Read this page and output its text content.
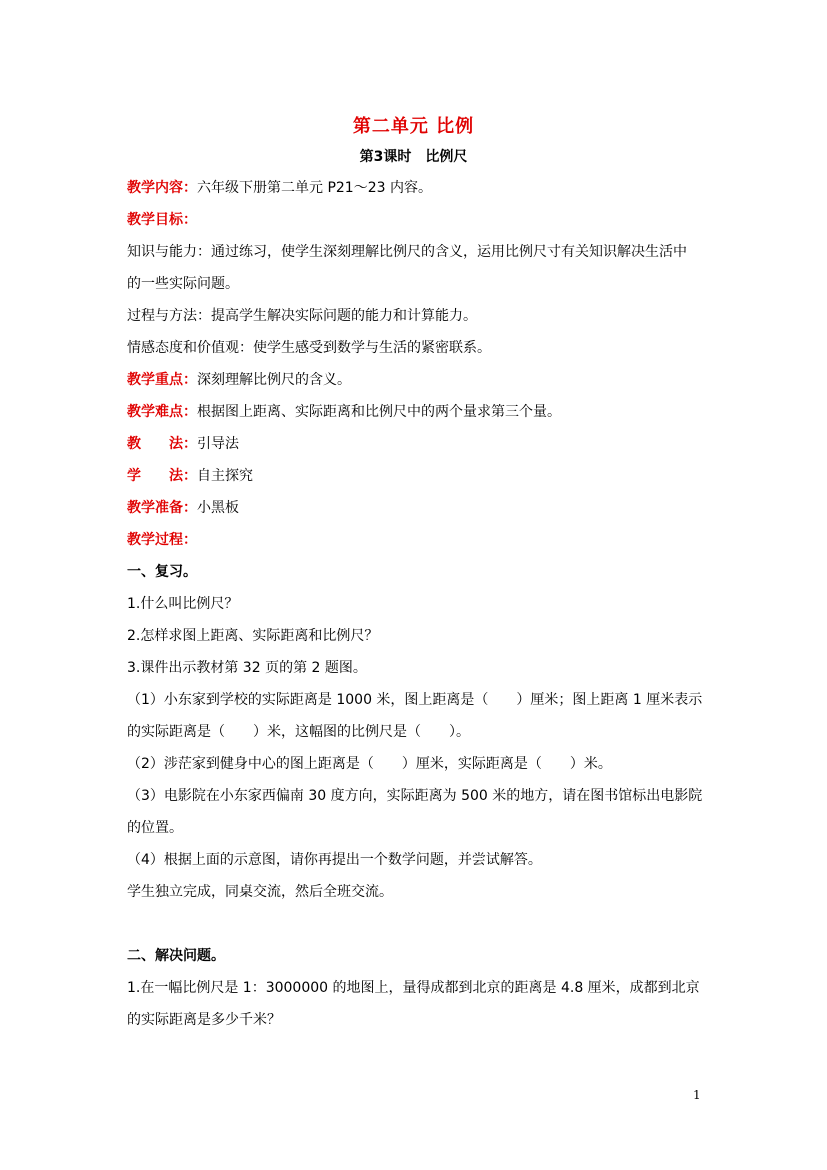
第二单元 比例
第3课时　比例尺
教学内容：六年级下册第二单元 P21～23 内容。
教学目标：
知识与能力：通过练习，使学生深刻理解比例尺的含义，运用比例尺寸有关知识解决生活中
的一些实际问题。
过程与方法：提高学生解决实际问题的能力和计算能力。
情感态度和价值观：使学生感受到数学与生活的紧密联系。
教学重点：深刻理解比例尺的含义。
教学难点：根据图上距离、实际距离和比例尺中的两个量求第三个量。
教　　法：引导法
学　　法：自主探究
教学准备：小黑板
教学过程：
一、复习。
1.什么叫比例尺？
2.怎样求图上距离、实际距离和比例尺？
3.课件出示教材第 32 页的第 2 题图。
（1）小东家到学校的实际距离是 1000 米，图上距离是（　　）厘米；图上距离 1 厘米表示
的实际距离是（　　）米，这幅图的比例尺是（　　）。
（2）涉茫家到健身中心的图上距离是（　　）厘米，实际距离是（　　）米。
（3）电影院在小东家西偏南 30 度方向，实际距离为 500 米的地方，请在图书馆标出电影院
的位置。
（4）根据上面的示意图，请你再提出一个数学问题，并尝试解答。
学生独立完成，同桌交流，然后全班交流。
二、解决问题。
1.在一幅比例尺是 1：3000000 的地图上，量得成都到北京的距离是 4.8 厘米，成都到北京
的实际距离是多少千米？
1
